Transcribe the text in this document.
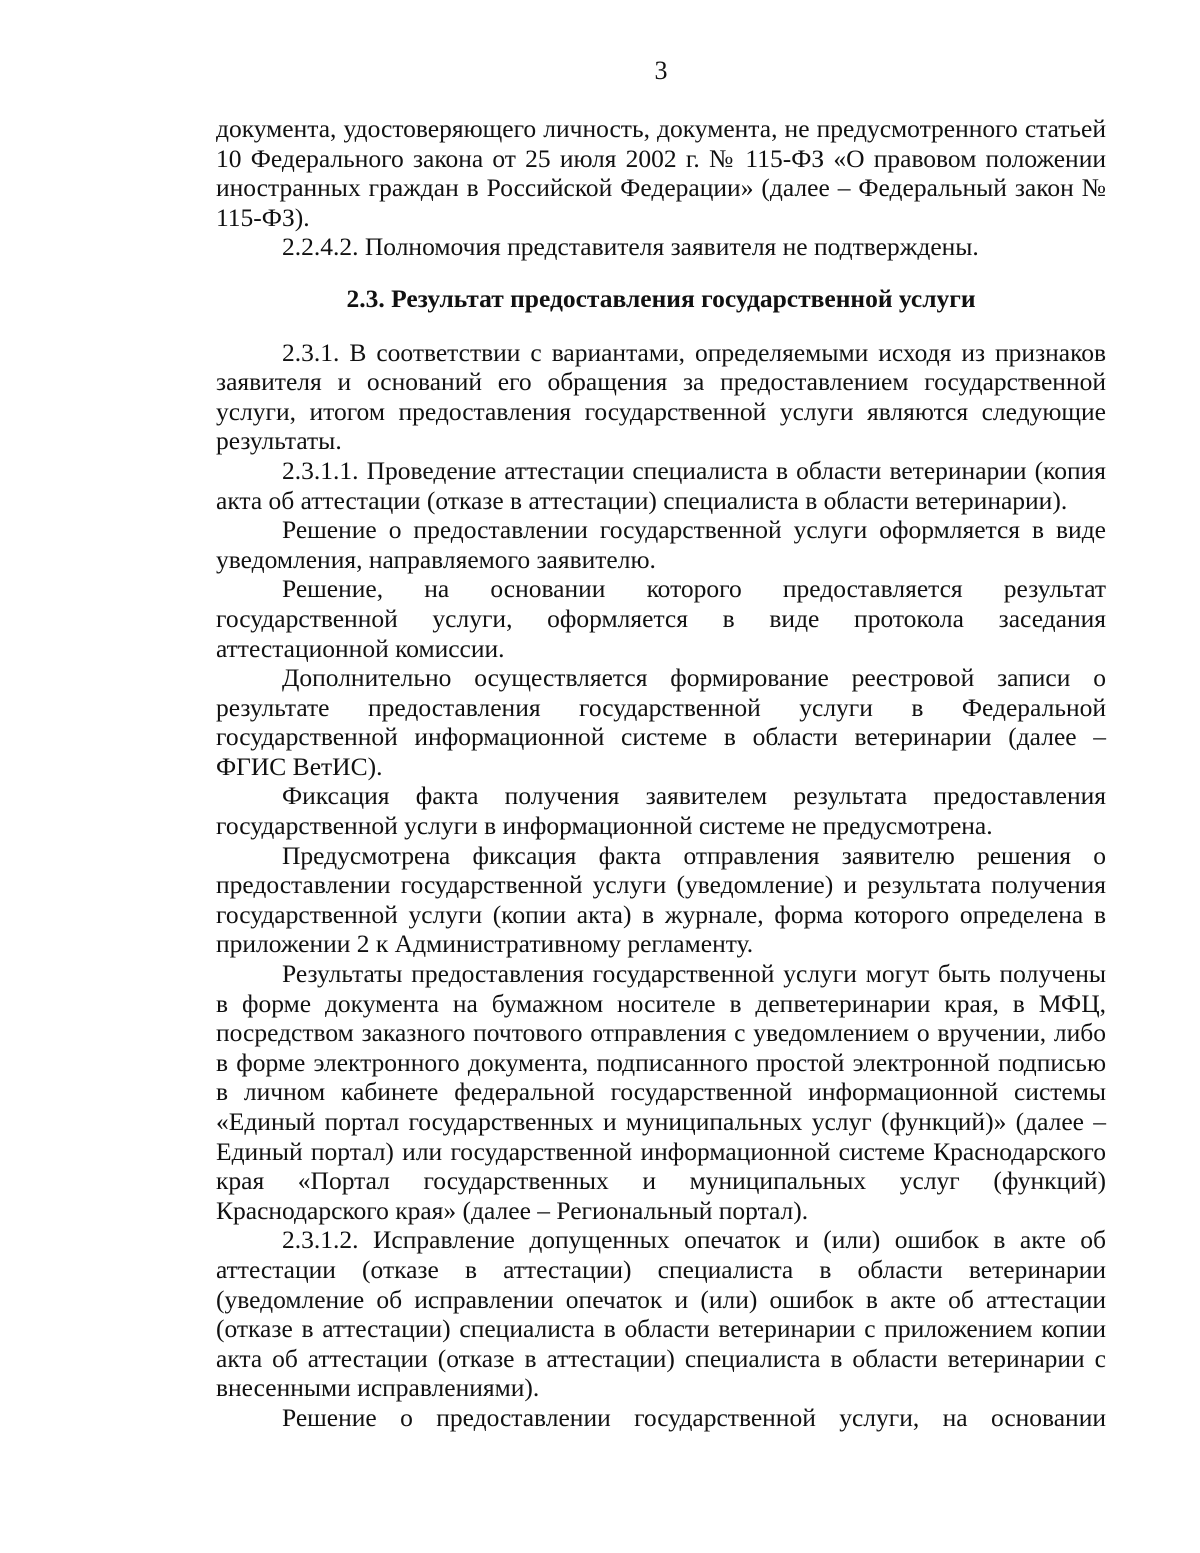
3

документа, удостоверяющего личность, документа, не предусмотренного статьей 10 Федерального закона от 25 июля 2002 г. № 115-ФЗ «О правовом положении иностранных граждан в Российской Федерации» (далее – Федеральный закон № 115-ФЗ).

2.2.4.2. Полномочия представителя заявителя не подтверждены.

2.3. Результат предоставления государственной услуги

2.3.1. В соответствии с вариантами, определяемыми исходя из признаков заявителя и оснований его обращения за предоставлением государственной услуги, итогом предоставления государственной услуги являются следующие результаты.

2.3.1.1. Проведение аттестации специалиста в области ветеринарии (копия акта об аттестации (отказе в аттестации) специалиста в области ветеринарии).

Решение о предоставлении государственной услуги оформляется в виде уведомления, направляемого заявителю.

Решение, на основании которого предоставляется результат государственной услуги, оформляется в виде протокола заседания аттестационной комиссии.

Дополнительно осуществляется формирование реестровой записи о результате предоставления государственной услуги в Федеральной государственной информационной системе в области ветеринарии (далее – ФГИС ВетИС).

Фиксация факта получения заявителем результата предоставления государственной услуги в информационной системе не предусмотрена.

Предусмотрена фиксация факта отправления заявителю решения о предоставлении государственной услуги (уведомление) и результата получения государственной услуги (копии акта) в журнале, форма которого определена в приложении 2 к Административному регламенту.

Результаты предоставления государственной услуги могут быть получены в форме документа на бумажном носителе в депветеринарии края, в МФЦ, посредством заказного почтового отправления с уведомлением о вручении, либо в форме электронного документа, подписанного простой электронной подписью в личном кабинете федеральной государственной информационной системы «Единый портал государственных и муниципальных услуг (функций)» (далее – Единый портал) или государственной информационной системе Краснодарского края «Портал государственных и муниципальных услуг (функций) Краснодарского края» (далее – Региональный портал).

2.3.1.2. Исправление допущенных опечаток и (или) ошибок в акте об аттестации (отказе в аттестации) специалиста в области ветеринарии (уведомление об исправлении опечаток и (или) ошибок в акте об аттестации (отказе в аттестации) специалиста в области ветеринарии с приложением копии акта об аттестации (отказе в аттестации) специалиста в области ветеринарии с внесенными исправлениями).

Решение о предоставлении государственной услуги, на основании
